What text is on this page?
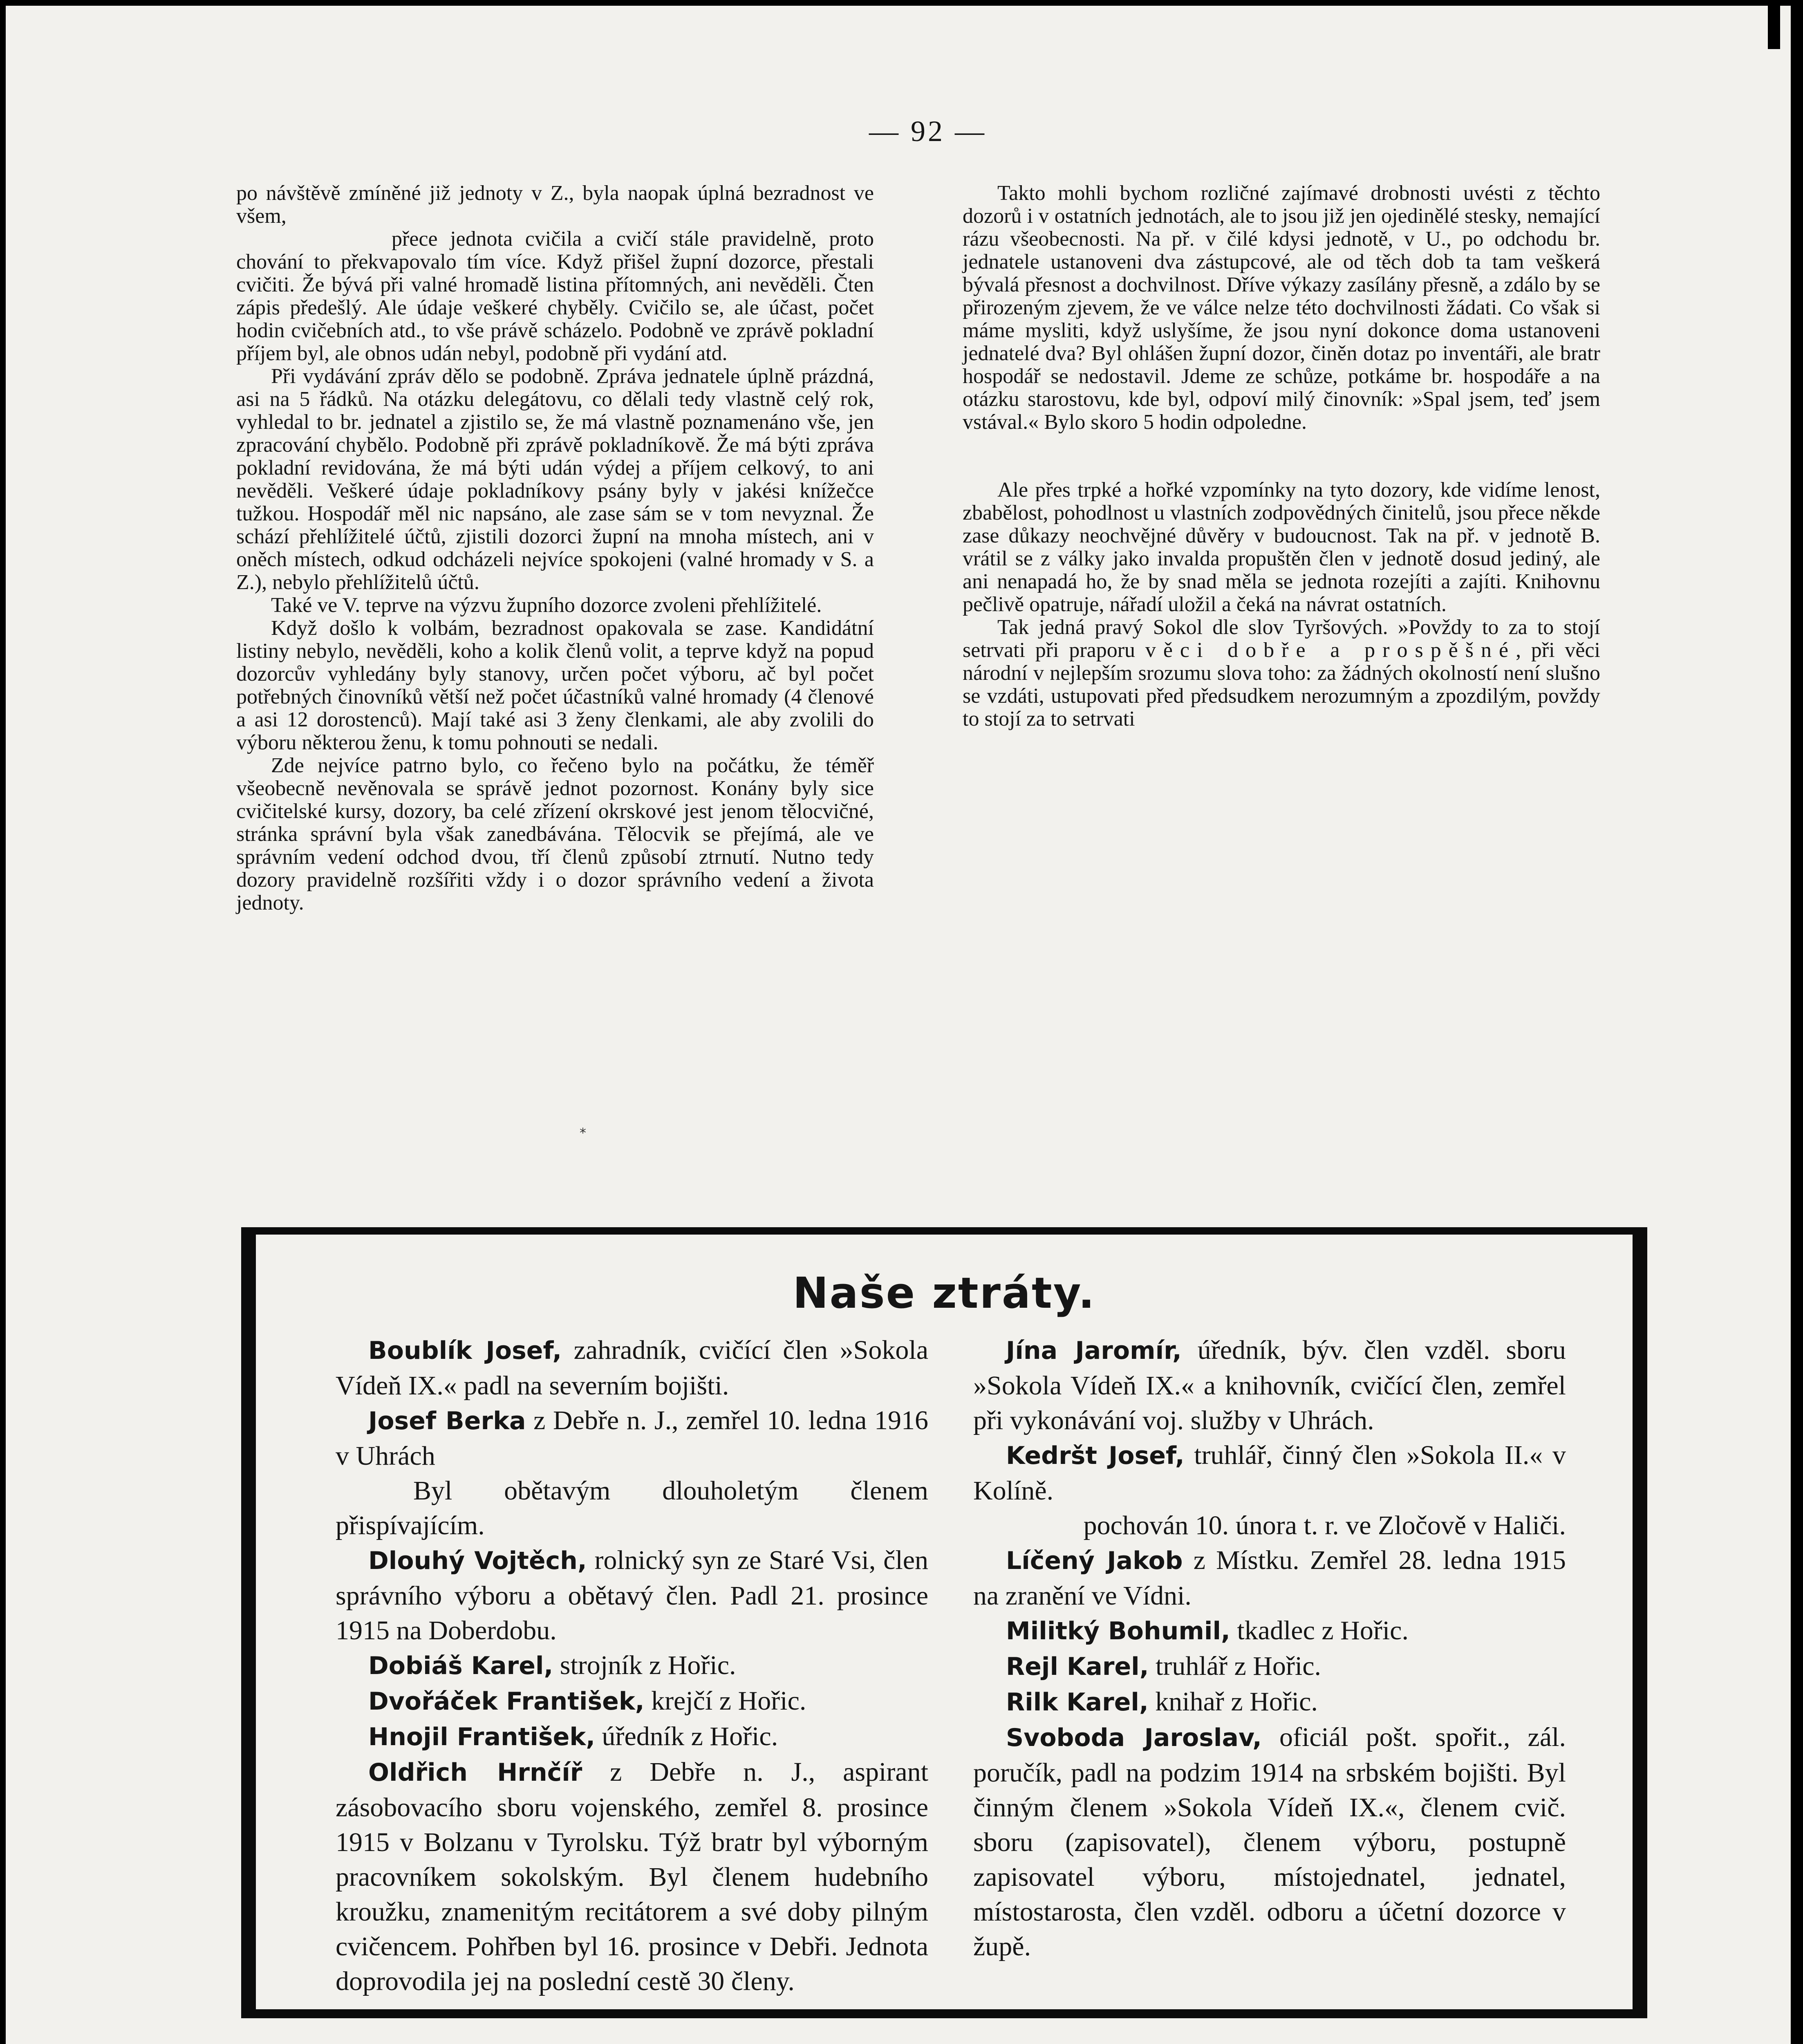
— 92 —

po návštěvě zmíněné již jednoty v Z., byla naopak úplná bezradnost ve všem,

přece jednota cvičila a cvičí stále pravidelně, proto chování to překvapovalo tím více. Když přišel župní dozorce, přestali cvičiti. Že bývá při valné hromadě listina přítomných, ani nevěděli. Čten zápis předešlý. Ale údaje veškeré chyběly. Cvičilo se, ale účast, počet hodin cvičebních atd., to vše právě scházelo. Podobně ve zprávě pokladní příjem byl, ale obnos udán nebyl, podobně při vydání atd.

Při vydávání zpráv dělo se podobně. Zpráva jednatele úplně prázdná, asi na 5 řádků. Na otázku delegátovu, co dělali tedy vlastně celý rok, vyhledal to br. jednatel a zjistilo se, že má vlastně poznamenáno vše, jen zpracování chybělo. Podobně při zprávě pokladníkově. Že má býti zpráva pokladní revidována, že má býti udán výdej a příjem celkový, to ani nevěděli. Veškeré údaje pokladníkovy psány byly v jakési knížečce tužkou. Hospodář měl nic napsáno, ale zase sám se v tom nevyznal. Že schází přehlížitelé účtů, zjistili dozorci župní na mnoha místech, ani v oněch místech, odkud odcházeli nejvíce spokojeni (valné hromady v S. a Z.), nebylo přehlížitelů účtů.

Také ve V. teprve na výzvu župního dozorce zvoleni přehlížitelé.

Když došlo k volbám, bezradnost opakovala se zase. Kandidátní listiny nebylo, nevěděli, koho a kolik členů volit, a teprve když na popud dozorcův vyhledány byly stanovy, určen počet výboru, ač byl počet potřebných činovníků větší než počet účastníků valné hromady (4 členové a asi 12 dorostenců). Mají také asi 3 ženy členkami, ale aby zvolili do výboru některou ženu, k tomu pohnouti se nedali.

Zde nejvíce patrno bylo, co řečeno bylo na počátku, že téměř všeobecně nevěnovala se správě jednot pozornost. Konány byly sice cvičitelské kursy, dozory, ba celé zřízení okrskové jest jenom tělocvičné, stránka správní byla však zanedbávána. Tělocvik se přejímá, ale ve správním vedení odchod dvou, tří členů způsobí ztrnutí. Nutno tedy dozory pravidelně rozšířiti vždy i o dozor správního vedení a života jednoty.

Takto mohli bychom rozličné zajímavé drobnosti uvésti z těchto dozorů i v ostatních jednotách, ale to jsou již jen ojedinělé stesky, nemající rázu všeobecnosti. Na př. v čilé kdysi jednotě, v U., po odchodu br. jednatele ustanoveni dva zástupcové, ale od těch dob ta tam veškerá bývalá přesnost a dochvilnost. Dříve výkazy zasílány přesně, a zdálo by se přirozeným zjevem, že ve válce nelze této dochvilnosti žádati. Co však si máme mysliti, když uslyšíme, že jsou nyní dokonce doma ustanoveni jednatelé dva? Byl ohlášen župní dozor, činěn dotaz po inventáři, ale bratr hospodář se nedostavil. Jdeme ze schůze, potkáme br. hospodáře a na otázku starostovu, kde byl, odpoví milý činovník: »Spal jsem, teď jsem vstával.« Bylo skoro 5 hodin odpoledne.

Ale přes trpké a hořké vzpomínky na tyto dozory, kde vidíme lenost, zbabělost, pohodlnost u vlastních zodpovědných činitelů, jsou přece někde zase důkazy neochvějné důvěry v budoucnost. Tak na př. v jednotě B. vrátil se z války jako invalda propuštěn člen v jednotě dosud jediný, ale ani nenapadá ho, že by snad měla se jednota rozejíti a zajíti. Knihovnu pečlivě opatruje, nářadí uložil a čeká na návrat ostatních.

Tak jedná pravý Sokol dle slov Tyršových. »Povždy to za to stojí setrvati při praporu věci dobře a prospěšné, při věci národní v nejlepším srozumu slova toho: za žádných okolností není slušno se vzdáti, ustupovati před předsudkem nerozumným a zpozdilým, povždy to stojí za to setrvati

*
Naše ztráty.

Boublík Josef, zahradník, cvičící člen »Sokola Vídeň IX.« padl na severním bojišti.

Josef Berka z Debře n. J., zemřel 10. ledna 1916 v Uhrách

Byl obětavým dlouholetým členem přispívajícím.

Dlouhý Vojtěch, rolnický syn ze Staré Vsi, člen správního výboru a obětavý člen. Padl 21. prosince 1915 na Doberdobu.

Dobiáš Karel, strojník z Hořic.

Dvořáček František, krejčí z Hořic.

Hnojil František, úředník z Hořic.

Oldřich Hrnčíř z Debře n. J., aspirant zásobovacího sboru vojenského, zemřel 8. prosince 1915 v Bolzanu v Tyrolsku. Týž bratr byl výborným pracovníkem sokolským. Byl členem hudebního kroužku, znamenitým recitátorem a své doby pilným cvičencem. Pohřben byl 16. prosince v Debři. Jednota doprovodila jej na poslední cestě 30 členy.

Jína Jaromír, úředník, býv. člen vzděl. sboru »Sokola Vídeň IX.« a knihovník, cvičící člen, zemřel při vykonávání voj. služby v Uhrách.

Kedršt Josef, truhlář, činný člen »Sokola II.« v Kolíně.

pochován 10. února t. r. ve Zločově v Haliči.

Líčený Jakob z Místku. Zemřel 28. ledna 1915 na zranění ve Vídni.

Militký Bohumil, tkadlec z Hořic.

Rejl Karel, truhlář z Hořic.

Rilk Karel, knihař z Hořic.

Svoboda Jaroslav, oficiál pošt. spořit., zál. poručík, padl na podzim 1914 na srbském bojišti. Byl činným členem »Sokola Vídeň IX.«, členem cvič. sboru (zapisovatel), členem výboru, postupně zapisovatel výboru, místojednatel, jednatel, místostarosta, člen vzděl. odboru a účetní dozorce v župě.
